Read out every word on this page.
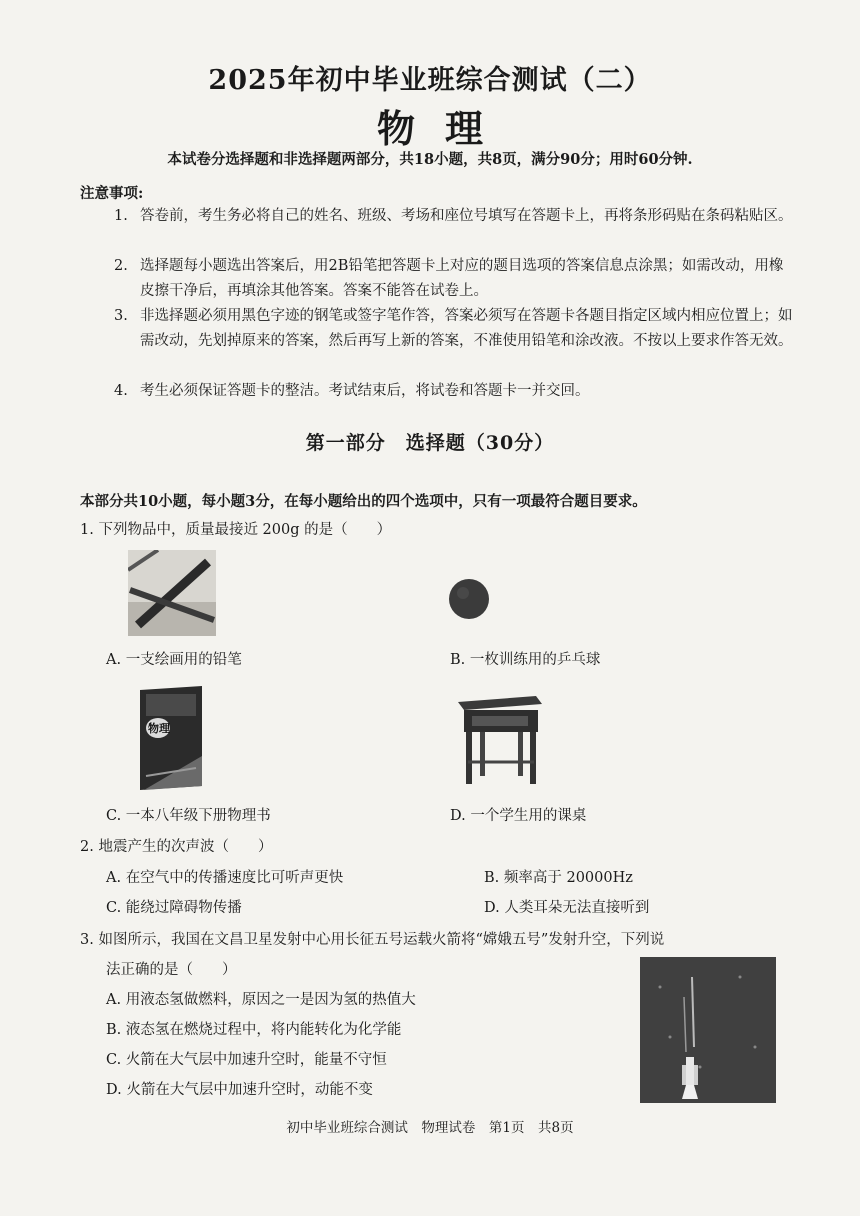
2025年初中毕业班综合测试（二）
物理
本试卷分选择题和非选择题两部分，共18小题，共8页，满分90分；用时60分钟.
注意事项:
1. 答卷前，考生务必将自己的姓名、班级、考场和座位号填写在答题卡上，再将条形码贴在条码粘贴区。
2. 选择题每小题选出答案后，用2B铅笔把答题卡上对应的题目选项的答案信息点涂黑；如需改动，用橡皮擦干净后，再填涂其他答案。答案不能答在试卷上。
3. 非选择题必须用黑色字迹的钢笔或签字笔作答，答案必须写在答题卡各题目指定区域内相应位置上；如需改动，先划掉原来的答案，然后再写上新的答案，不准使用铅笔和涂改液。不按以上要求作答无效。
4. 考生必须保证答题卡的整洁。考试结束后，将试卷和答题卡一并交回。
第一部分　选择题（30分）
本部分共10小题，每小题3分，在每小题给出的四个选项中，只有一项最符合题目要求。
1. 下列物品中，质量最接近 200g 的是（　　）
A. 一支绘画用的铅笔	B. 一枚训练用的乒乓球
物理
C. 一本八年级下册物理书	D. 一个学生用的课桌
2. 地震产生的次声波（　　）
A. 在空气中的传播速度比可听声更快	B. 频率高于 20000Hz
C. 能绕过障碍物传播	D. 人类耳朵无法直接听到
3. 如图所示，我国在文昌卫星发射中心用长征五号运载火箭将“嫦娥五号”发射升空，下列说
法正确的是（　　）
A. 用液态氢做燃料，原因之一是因为氢的热值大
B. 液态氢在燃烧过程中，将内能转化为化学能
C. 火箭在大气层中加速升空时，能量不守恒
D. 火箭在大气层中加速升空时，动能不变
初中毕业班综合测试　物理试卷　第1页　共8页
